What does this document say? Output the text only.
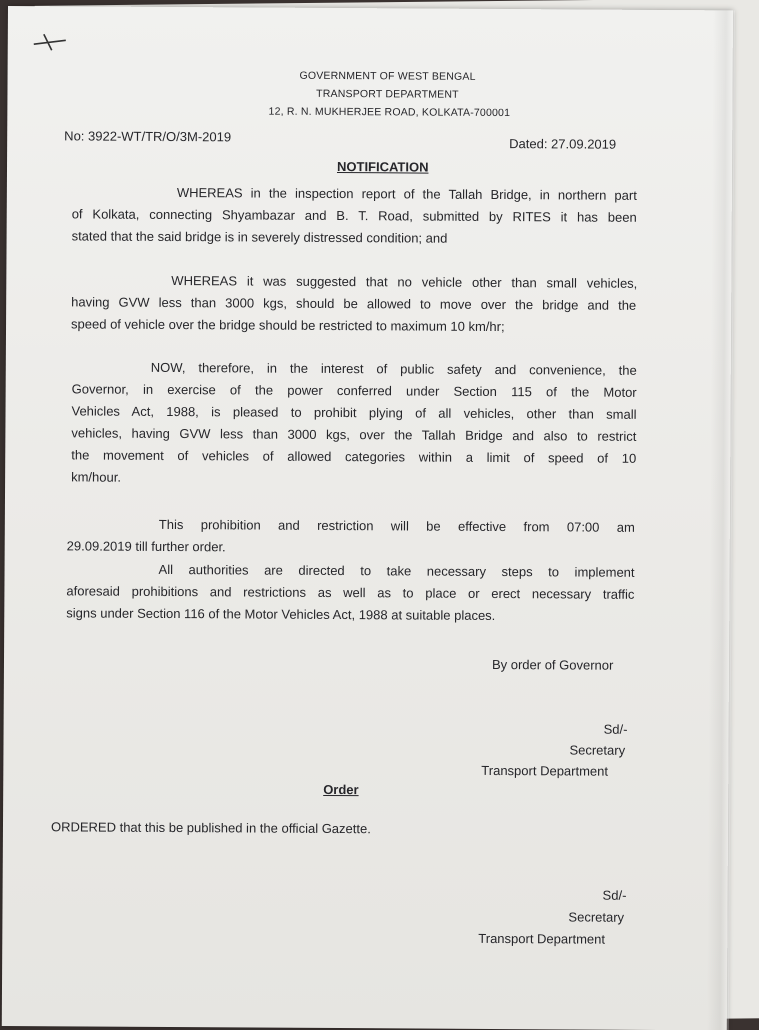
GOVERNMENT OF WEST BENGAL
TRANSPORT DEPARTMENT
12, R. N. MUKHERJEE ROAD, KOLKATA-700001
No: 3922-WT/TR/O/3M-2019	Dated: 27.09.2019
NOTIFICATION
WHEREAS in the inspection report of the Tallah Bridge, in northern part
of Kolkata, connecting Shyambazar and B. T. Road, submitted by RITES it has been
stated that the said bridge is in severely distressed condition; and
WHEREAS it was suggested that no vehicle other than small vehicles,
having GVW less than 3000 kgs, should be allowed to move over the bridge and the
speed of vehicle over the bridge should be restricted to maximum 10 km/hr;
NOW, therefore, in the interest of public safety and convenience, the
Governor, in exercise of the power conferred under Section 115 of the Motor
Vehicles Act, 1988, is pleased to prohibit plying of all vehicles, other than small
vehicles, having GVW less than 3000 kgs, over the Tallah Bridge and also to restrict
the movement of vehicles of allowed categories within a limit of speed of 10
km/hour.
This prohibition and restriction will be effective from 07:00 am
29.09.2019 till further order.
All authorities are directed to take necessary steps to implement
aforesaid prohibitions and restrictions as well as to place or erect necessary traffic
signs under Section 116 of the Motor Vehicles Act, 1988 at suitable places.
By order of Governor
Sd/-
Secretary
Transport Department
Order
ORDERED that this be published in the official Gazette.
Sd/-
Secretary
Transport Department
